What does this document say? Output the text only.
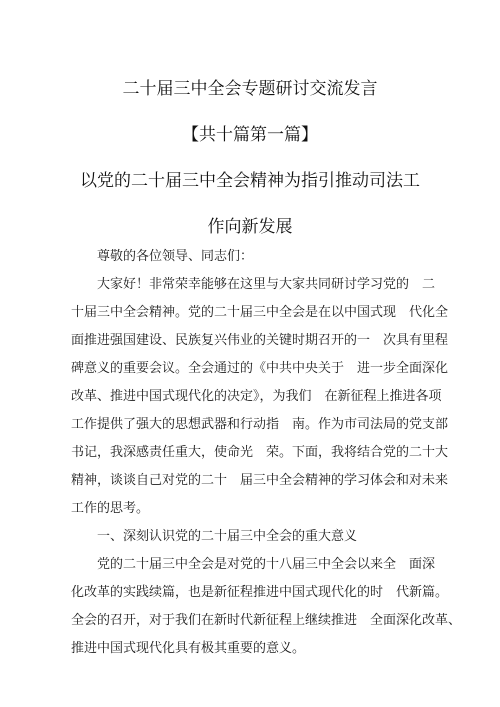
二十届三中全会专题研讨交流发言
【共十篇第一篇】
以党的二十届三中全会精神为指引推动司法工
作向新发展

尊敬的各位领导、同志们：

大家好！非常荣幸能够在这里与大家共同研讨学习党的　二

十届三中全会精神。党的二十届三中全会是在以中国式现　代化全

面推进强国建设、民族复兴伟业的关键时期召开的一　次具有里程

碑意义的重要会议。全会通过的《中共中央关于　进一步全面深化

改革、推进中国式现代化的决定》，为我们　在新征程上推进各项

工作提供了强大的思想武器和行动指　南。作为市司法局的党支部

书记，我深感责任重大，使命光　荣。下面，我将结合党的二十大

精神，谈谈自己对党的二十　届三中全会精神的学习体会和对未来

工作的思考。

一、深刻认识党的二十届三中全会的重大意义

党的二十届三中全会是对党的十八届三中全会以来全　面深

化改革的实践续篇，也是新征程推进中国式现代化的时　代新篇。

全会的召开，对于我们在新时代新征程上继续推进　全面深化改革、

推进中国式现代化具有极其重要的意义。
